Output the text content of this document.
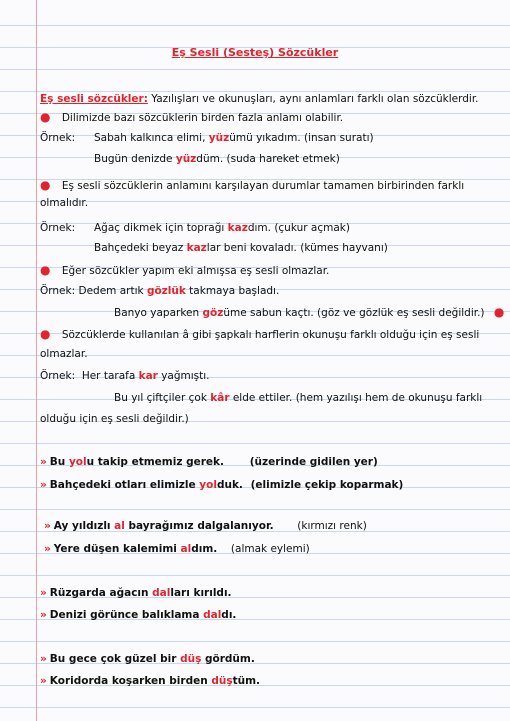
Eş Sesli (Sesteş) Sözcükler
Eş sesli sözcükler: Yazılışları ve okunuşları, aynı anlamları farklı olan sözcüklerdir.
● Dilimizde bazı sözcüklerin birden fazla anlamı olabilir.
Örnek: Sabah kalkınca elimi, yüzümü yıkadım. (insan suratı)
Bugün denizde yüzdüm. (suda hareket etmek)
● Eş sesli sözcüklerin anlamını karşılayan durumlar tamamen birbirinden farklı
olmalıdır.
Örnek: Ağaç dikmek için toprağı kazdım. (çukur açmak)
Bahçedeki beyaz kazlar beni kovaladı. (kümes hayvanı)
● Eğer sözcükler yapım eki almışsa eş sesli olmazlar.
Örnek: Dedem artık gözlük takmaya başladı.
Banyo yaparken gözüme sabun kaçtı. (göz ve gözlük eş sesli değildir.) ●
● Sözcüklerde kullanılan â gibi şapkalı harflerin okunuşu farklı olduğu için eş sesli
olmazlar.
Örnek: Her tarafa kar yağmıştı.
Bu yıl çiftçiler çok kâr elde ettiler. (hem yazılışı hem de okunuşu farklı
olduğu için eş sesli değildir.)
» Bu yolu takip etmemiz gerek. (üzerinde gidilen yer)
» Bahçedeki otları elimizle yolduk. (elimizle çekip koparmak)
» Ay yıldızlı al bayrağımız dalgalanıyor. (kırmızı renk)
» Yere düşen kalemimi aldım. (almak eylemi)
» Rüzgarda ağacın dalları kırıldı.
» Denizi görünce balıklama daldı.
» Bu gece çok güzel bir düş gördüm.
» Koridorda koşarken birden düştüm.
